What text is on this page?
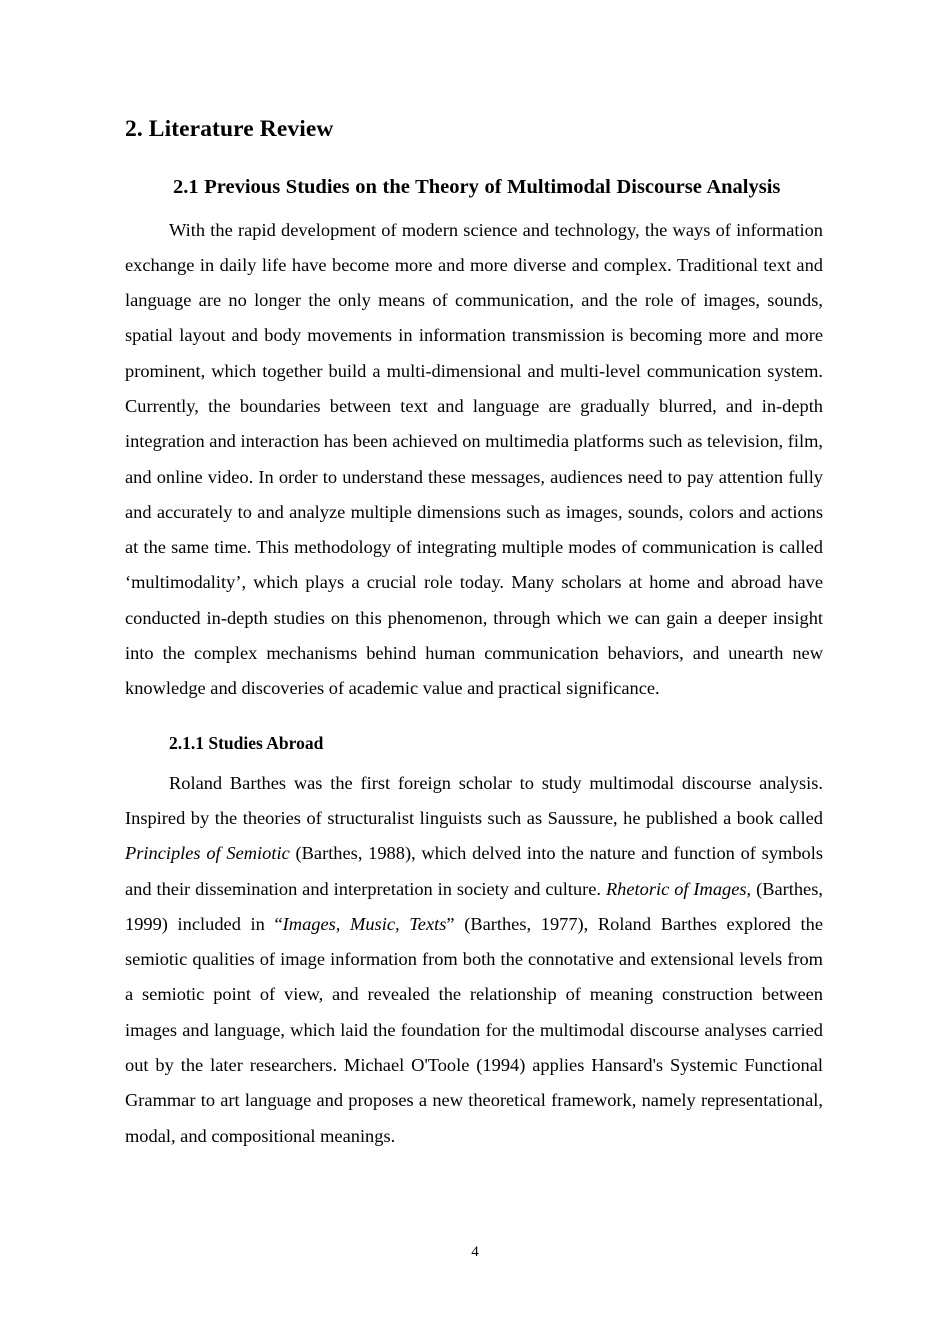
2. Literature Review
2.1 Previous Studies on the Theory of Multimodal Discourse Analysis

With the rapid development of modern science and technology, the ways of information exchange in daily life have become more and more diverse and complex. Traditional text and language are no longer the only means of communication, and the role of images, sounds, spatial layout and body movements in information transmission is becoming more and more prominent, which together build a multi-dimensional and multi-level communication system. Currently, the boundaries between text and language are gradually blurred, and in-depth integration and interaction has been achieved on multimedia platforms such as television, film, and online video. In order to understand these messages, audiences need to pay attention fully and accurately to and analyze multiple dimensions such as images, sounds, colors and actions at the same time. This methodology of integrating multiple modes of communication is called ‘multimodality’, which plays a crucial role today. Many scholars at home and abroad have conducted in-depth studies on this phenomenon, through which we can gain a deeper insight into the complex mechanisms behind human communication behaviors, and unearth new knowledge and discoveries of academic value and practical significance.

2.1.1 Studies Abroad

Roland Barthes was the first foreign scholar to study multimodal discourse analysis. Inspired by the theories of structuralist linguists such as Saussure, he published a book called Principles of Semiotic (Barthes, 1988), which delved into the nature and function of symbols and their dissemination and interpretation in society and culture. Rhetoric of Images, (Barthes, 1999) included in “Images, Music, Texts” (Barthes, 1977), Roland Barthes explored the semiotic qualities of image information from both the connotative and extensional levels from a semiotic point of view, and revealed the relationship of meaning construction between images and language, which laid the foundation for the multimodal discourse analyses carried out by the later researchers. Michael O'Toole (1994) applies Hansard's Systemic Functional Grammar to art language and proposes a new theoretical framework, namely representational, modal, and compositional meanings.

4
